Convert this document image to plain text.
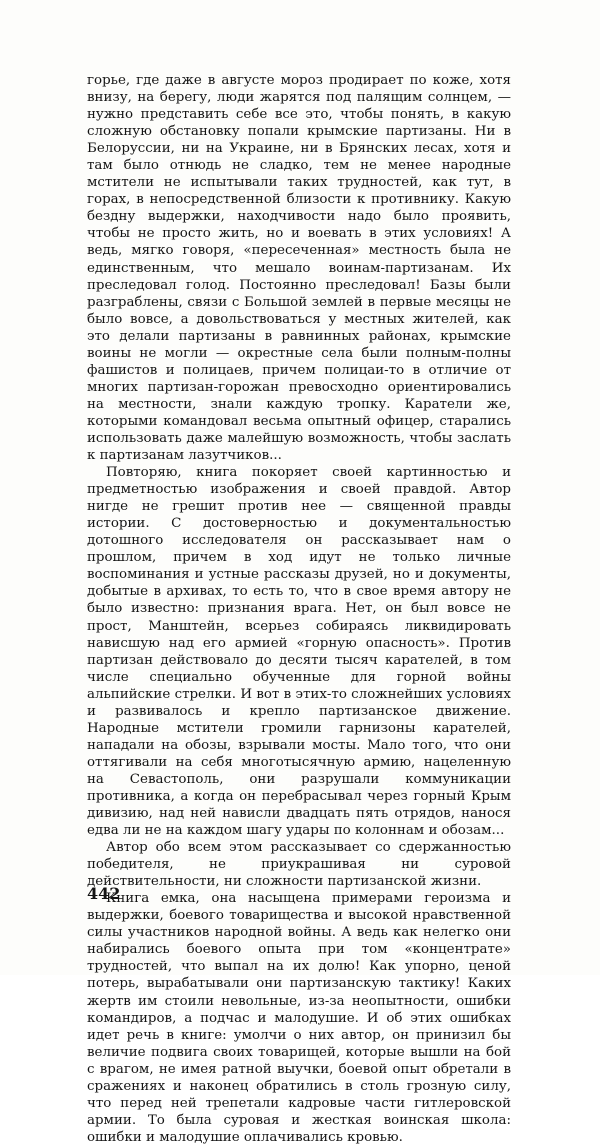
горье, где даже в августе мороз продирает по коже, хотя внизу, на берегу, люди жарятся под палящим солнцем, — нужно представить себе все это, чтобы понять, в какую сложную обстановку попали крымские партизаны. Ни в Белоруссии, ни на Украине, ни в Брянских лесах, хотя и там было отнюдь не сладко, тем не менее народные мстители не испытывали таких трудностей, как тут, в горах, в непосредственной близости к противнику. Какую бездну выдержки, находчивости надо было проявить, чтобы не просто жить, но и воевать в этих условиях! А ведь, мягко говоря, «пересеченная» местность была не единственным, что мешало воинам-партизанам. Их преследовал голод. Постоянно преследовал! Базы были разграблены, связи с Большой землей в первые месяцы не было вовсе, а довольствоваться у местных жителей, как это делали партизаны в равнинных районах, крымские воины не могли — окрестные села были полным-полны фашистов и полицаев, причем полицаи-то в отличие от многих партизан-горожан превосходно ориентировались на местности, знали каждую тропку. Каратели же, которыми командовал весьма опытный офицер, старались использовать даже малейшую возможность, чтобы заслать к партизанам лазутчиков...

Повторяю, книга покоряет своей картинностью и предметностью изображения и своей правдой. Автор нигде не грешит против нее — священной правды истории. С достоверностью и документальностью дотошного исследователя он рассказывает нам о прошлом, причем в ход идут не только личные воспоминания и устные рассказы друзей, но и документы, добытые в архивах, то есть то, что в свое время автору не было известно: признания врага. Нет, он был вовсе не прост, Манштейн, всерьез собираясь ликвидировать нависшую над его армией «горную опасность». Против партизан действовало до десяти тысяч карателей, в том числе специально обученные для горной войны альпийские стрелки. И вот в этих-то сложнейших условиях и развивалось и крепло партизанское движение. Народные мстители громили гарнизоны карателей, нападали на обозы, взрывали мосты. Мало того, что они оттягивали на себя многотысячную армию, нацеленную на Севастополь, они разрушали коммуникации противника, а когда он перебрасывал через горный Крым дивизию, над ней нависли двадцать пять отрядов, нанося едва ли не на каждом шагу удары по колоннам и обозам...

Автор обо всем этом рассказывает со сдержанностью победителя, не приукрашивая ни суровой действительности, ни сложности партизанской жизни.

Книга емка, она насыщена примерами героизма и выдержки, боевого товарищества и высокой нравственной силы участников народной войны. А ведь как нелегко они набирались боевого опыта при том «концентрате» трудностей, что выпал на их долю! Как упорно, ценой потерь, вырабатывали они партизанскую тактику! Каких жертв им стоили невольные, из-за неопытности, ошибки командиров, а подчас и малодушие. И об этих ошибках идет речь в книге: умолчи о них автор, он принизил бы величие подвига своих товарищей, которые вышли на бой с врагом, не имея ратной выучки, боевой опыт обретали в сражениях и наконец обратились в столь грозную силу, что перед ней трепетали кадровые части гитлеровской армии. То была суровая и жесткая воинская школа: ошибки и малодушие оплачивались кровью.

442
